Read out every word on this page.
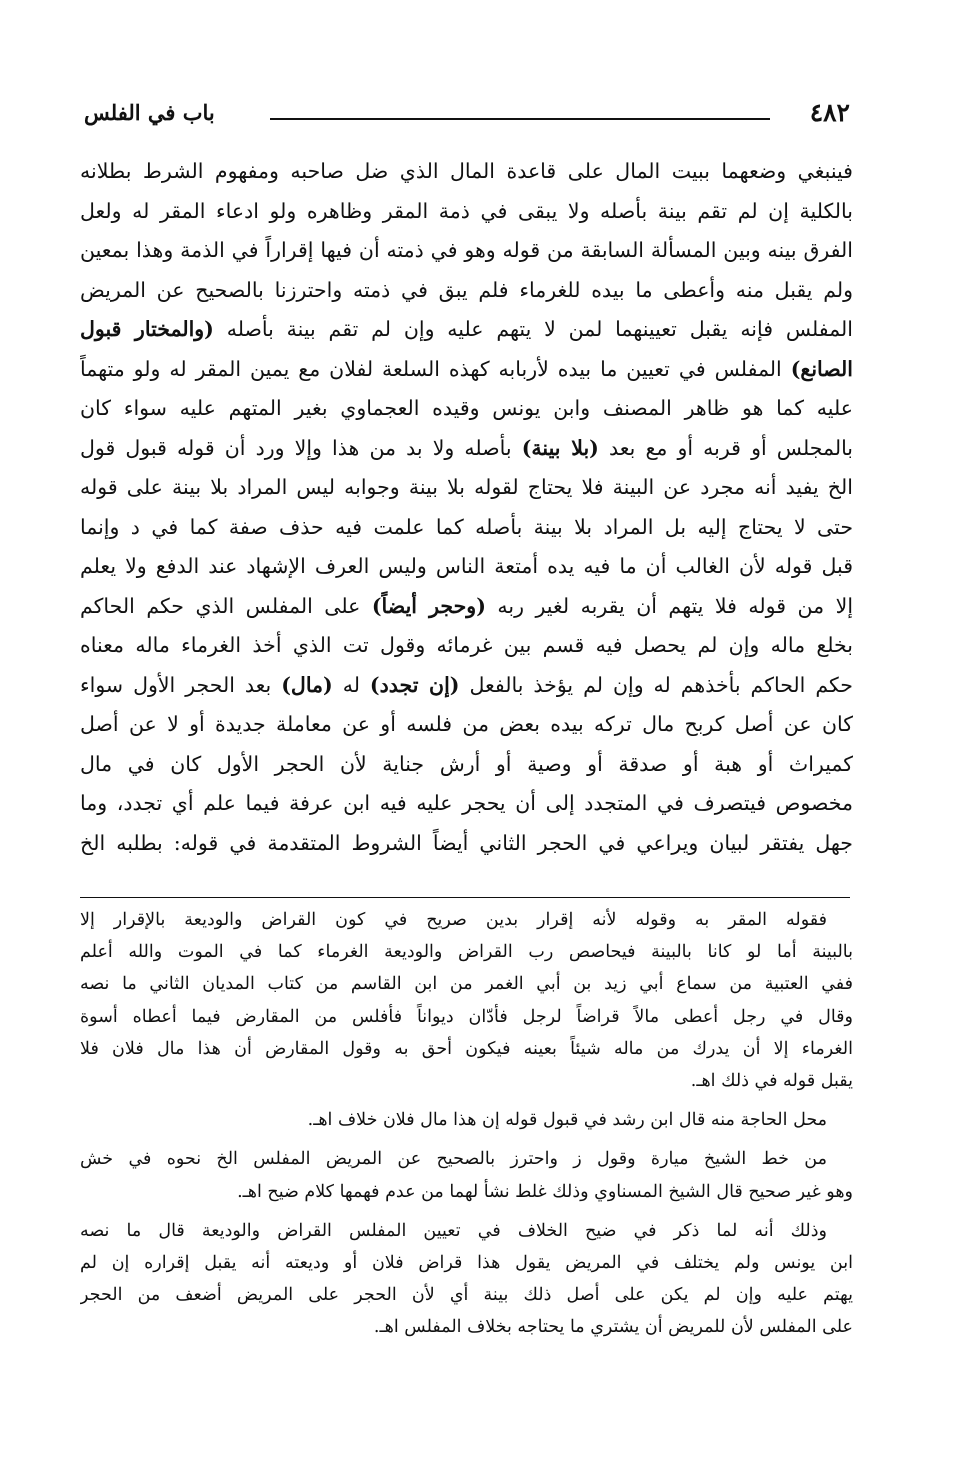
٤٨٢
باب في الفلس
فينبغي وضعهما ببيت المال على قاعدة المال الذي ضل صاحبه ومفهوم الشرط بطلانه
بالكلية إن لم تقم بينة بأصله ولا يبقى في ذمة المقر وظاهره ولو ادعاء المقر له ولعل
الفرق بينه وبين المسألة السابقة من قوله وهو في ذمته أن فيها إقراراً في الذمة وهذا بمعين
ولم يقبل منه وأعطى ما بيده للغرماء فلم يبق في ذمته واحترزنا بالصحيح عن المريض
المفلس فإنه يقبل تعيينهما لمن لا يتهم عليه وإن لم تقم بينة بأصله (والمختار قبول
الصانع) المفلس في تعيين ما بيده لأربابه كهذه السلعة لفلان مع يمين المقر له ولو متهماً
عليه كما هو ظاهر المصنف وابن يونس وقيده العجماوي بغير المتهم عليه سواء كان
بالمجلس أو قربه أو مع بعد (بلا بينة) بأصله ولا بد من هذا وإلا ورد أن قوله قبول قول
الخ يفيد أنه مجرد عن البينة فلا يحتاج لقوله بلا بينة وجوابه ليس المراد بلا بينة على قوله
حتى لا يحتاج إليه بل المراد بلا بينة بأصله كما علمت فيه حذف صفة كما في د وإنما
قبل قوله لأن الغالب أن ما فيه يده أمتعة الناس وليس العرف الإشهاد عند الدفع ولا يعلم
إلا من قوله فلا يتهم أن يقربه لغير ربه (وحجر أيضاً) على المفلس الذي حكم الحاكم
بخلع ماله وإن لم يحصل فيه قسم بين غرمائه وقول تت الذي أخذ الغرماء ماله معناه
حكم الحاكم بأخذهم له وإن لم يؤخذ بالفعل (إن تجدد) له (مال) بعد الحجر الأول سواء
كان عن أصل كربح مال تركه بيده بعض من فلسه أو عن معاملة جديدة أو لا عن أصل
كميراث أو هبة أو صدقة أو وصية أو أرش جناية لأن الحجر الأول كان في مال
مخصوص فيتصرف في المتجدد إلى أن يحجر عليه فيه ابن عرفة فيما علم أي تجدد، وما
جهل يفتقر لبيان ويراعي في الحجر الثاني أيضاً الشروط المتقدمة في قوله: بطلبه الخ
فقوله المقر به وقوله لأنه إقرار بدين صريح في كون القراض والوديعة بالإقرار إلا
بالبينة أما لو كانا بالبينة فيحاصص رب القراض والوديعة الغرماء كما في الموت والله أعلم
ففي العتبية من سماع أبي زيد بن أبي الغمر من ابن القاسم من كتاب المديان الثاني ما نصه
وقال في رجل أعطى مالاً قراضاً لرجل فأدّان ديواناً فأفلس من المقارض فيما أعطاه أسوة
الغرماء إلا أن يدرك من ماله شيئاً بعينه فيكون أحق به وقول المقارض أن هذا مال فلان فلا
يقبل قوله في ذلك اهـ.
محل الحاجة منه قال ابن رشد في قبول قوله إن هذا مال فلان خلاف اهـ.
من خط الشيخ ميارة وقول ز واحترز بالصحيح عن المريض المفلس الخ نحوه في خش
وهو غير صحيح قال الشيخ المسناوي وذلك غلط نشأ لهما من عدم فهمها كلام ضيح اهـ.
وذلك أنه لما ذكر في ضيح الخلاف في تعيين المفلس القراض والوديعة قال ما نصه
ابن يونس ولم يختلف في المريض يقول هذا قراض فلان أو وديعته أنه يقبل إقراره إن لم
يهتم عليه وإن لم يكن على أصل ذلك بينة أي لأن الحجر على المريض أضعف من الحجر
على المفلس لأن للمريض أن يشتري ما يحتاجه بخلاف المفلس اهـ.
